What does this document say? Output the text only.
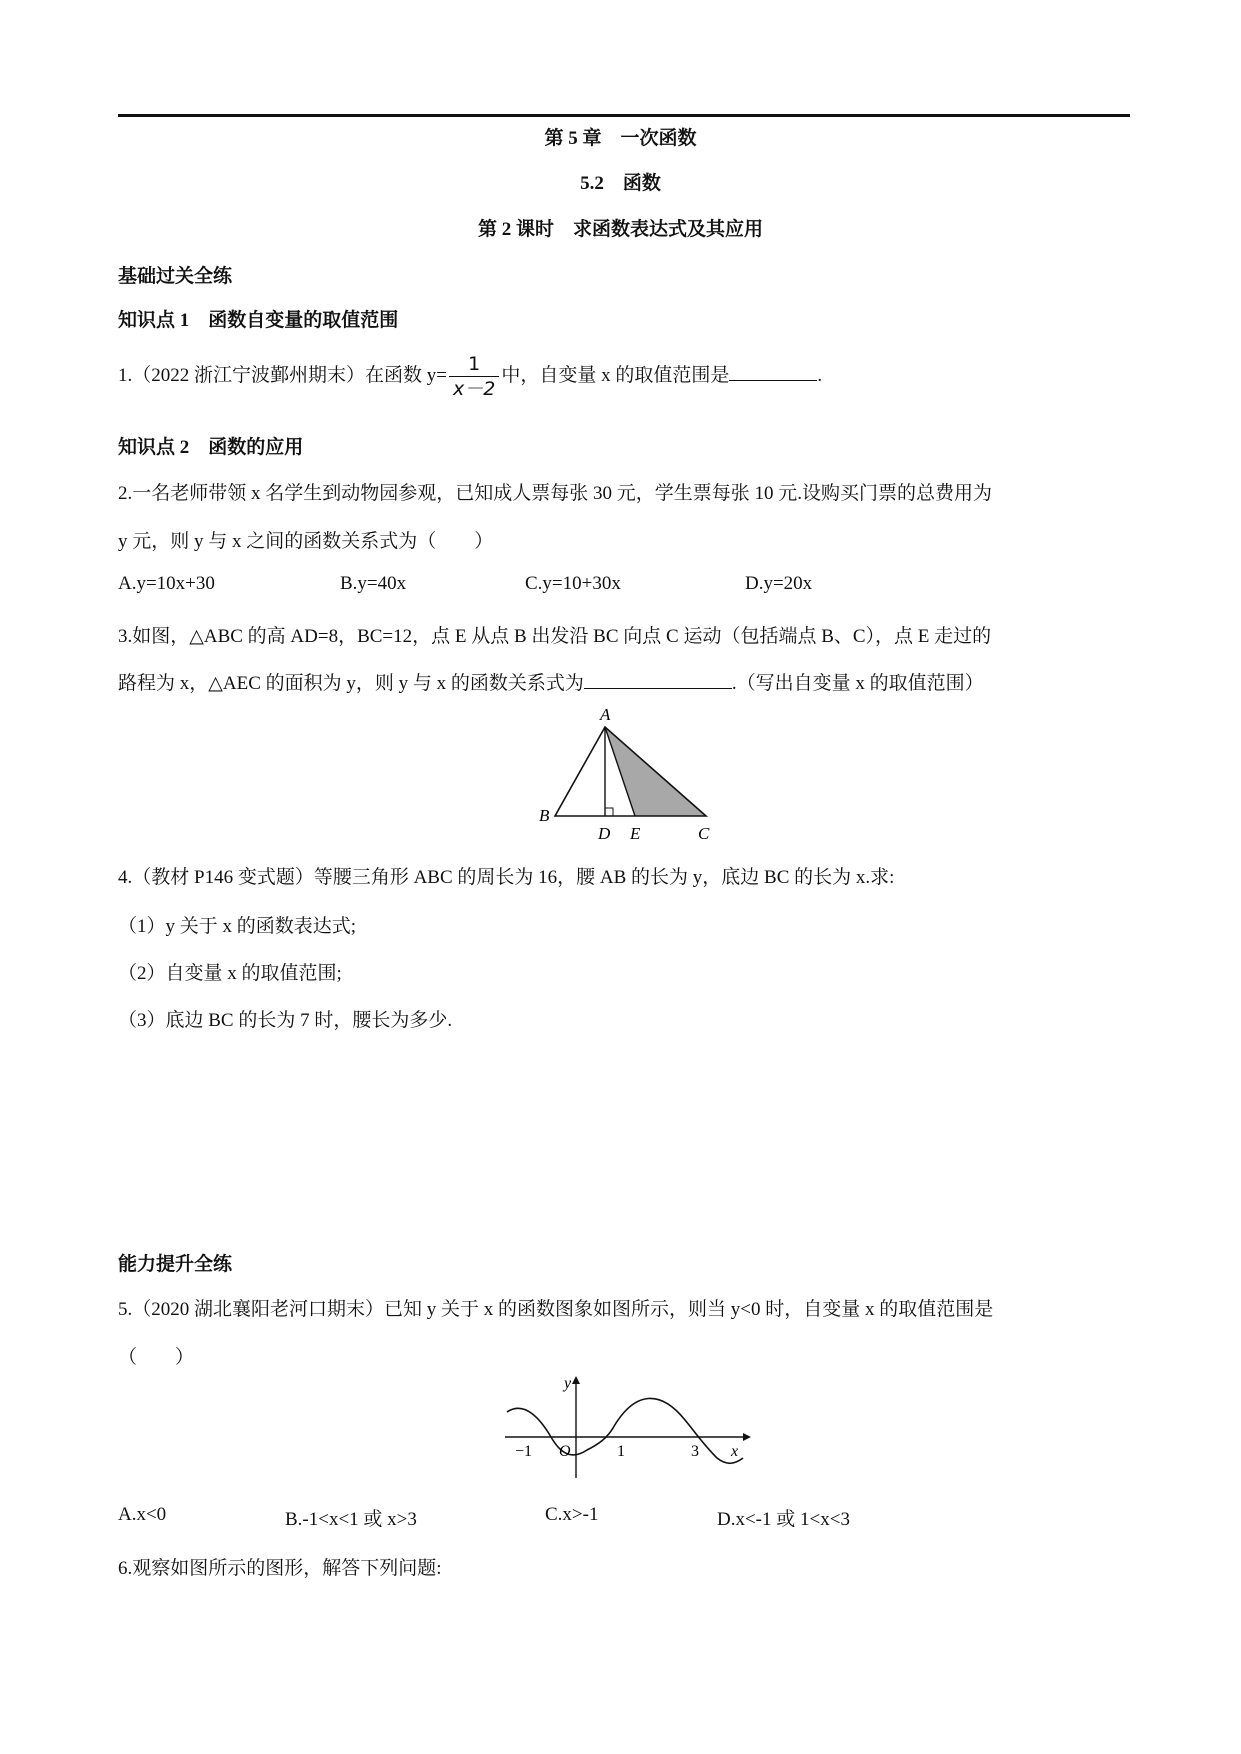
第 5 章　一次函数
5.2　函数
第 2 课时　求函数表达式及其应用
基础过关全练
知识点 1　函数自变量的取值范围
1.（2022 浙江宁波鄞州期末）在函数 $y= \frac{1}{x-2}$ 中，自变量 x 的取值范围是	.
知识点 2　函数的应用
2.一名老师带领 x 名学生到动物园参观，已知成人票每张 30 元，学生票每张 10 元.设购买门票的总费用为
y 元，则 y 与 x 之间的函数关系式为（　　）
A.y=10x+30	B.y=40x	C.y=10+30x	D.y=20x
3.如图，△ABC 的高 AD=8，BC=12，点 E 从点 B 出发沿 BC 向点 C 运动（包括端点 B、C），点 E 走过的
路程为 x，△AEC 的面积为 y，则 y 与 x 的函数关系式为	.（写出自变量 x 的取值范围）
A
B
D E	C
4.（教材 P146 变式题）等腰三角形 ABC 的周长为 16，腰 AB 的长为 y，底边 BC 的长为 x.求:
（1）y 关于 x 的函数表达式;
（2）自变量 x 的取值范围;
（3）底边 BC 的长为 7 时，腰长为多少.
能力提升全练
5.（2020 湖北襄阳老河口期末）已知 y 关于 x 的函数图象如图所示，则当 y<0 时，自变量 x 的取值范围是
（　　）
y
x
O
−1	1	3
A.x<0	B.-1<x<1 或 x>3	C.x>-1	D.x<-1 或 1<x<3
6.观察如图所示的图形，解答下列问题:
